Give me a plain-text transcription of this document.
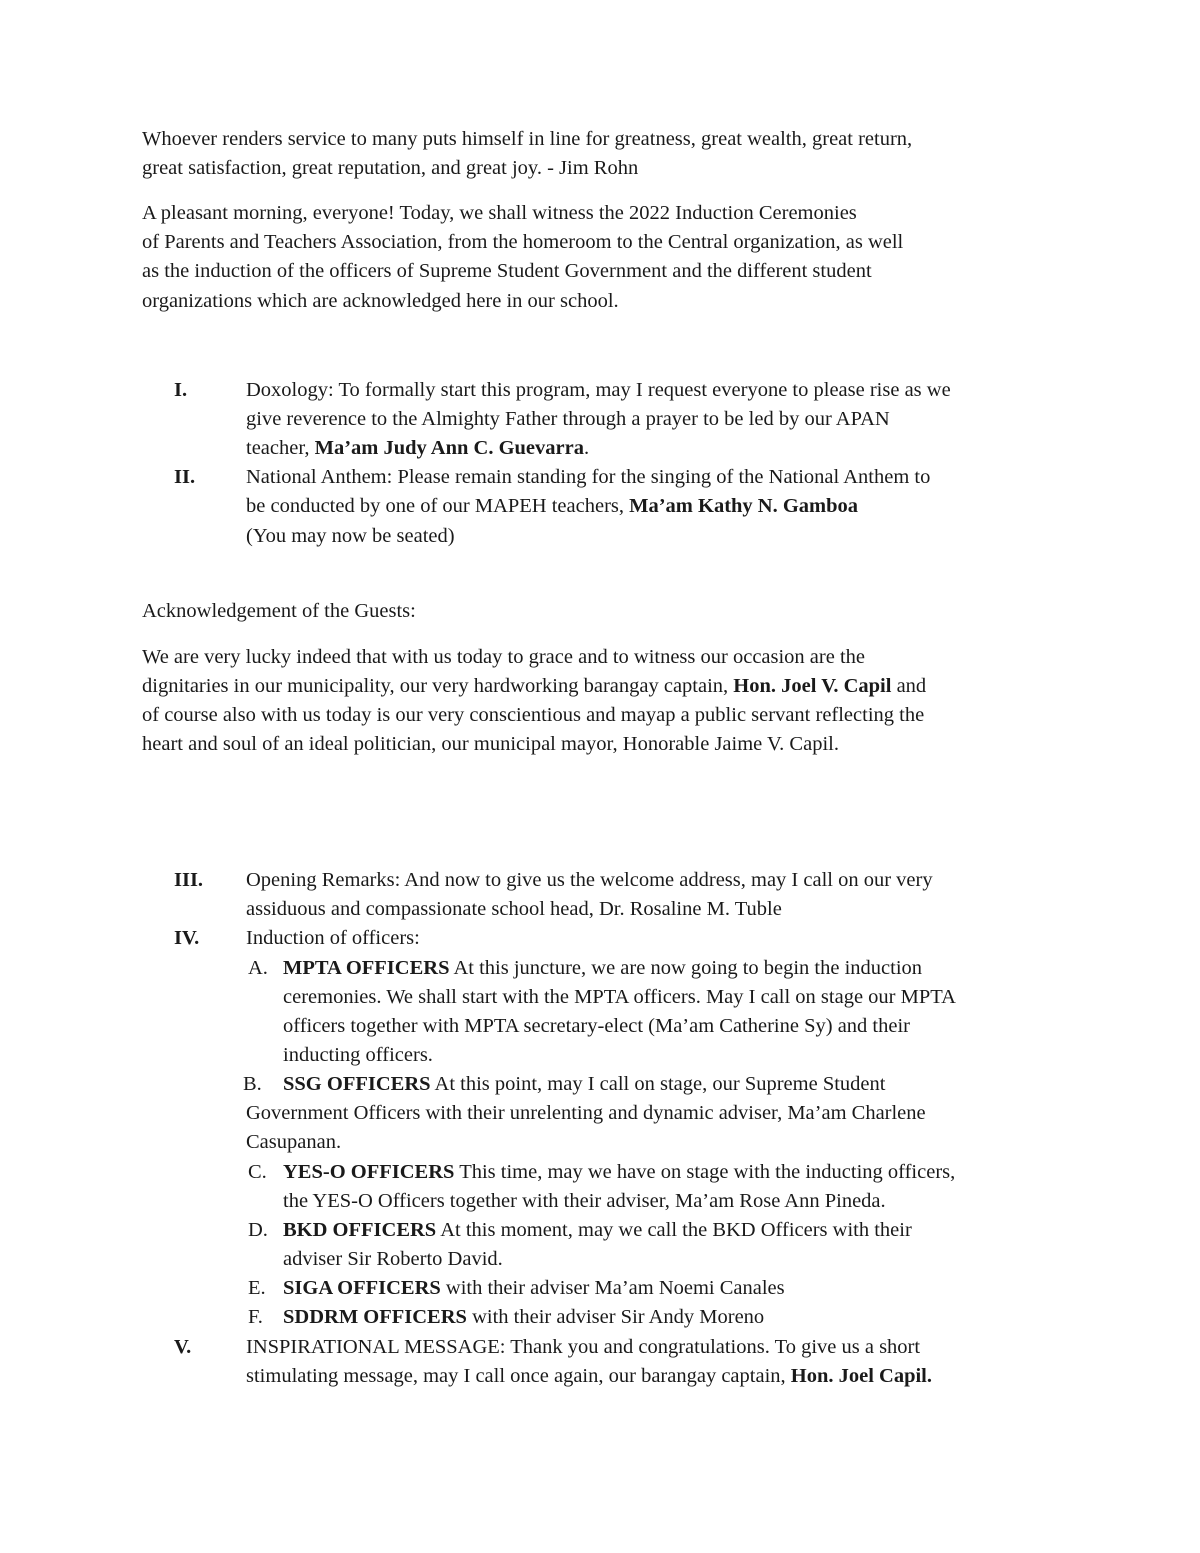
Whoever renders service to many puts himself in line for greatness, great wealth, great return,
great satisfaction, great reputation, and great joy. - Jim Rohn
A pleasant morning, everyone! Today, we shall witness the 2022 Induction Ceremonies
of Parents and Teachers Association, from the homeroom to the Central organization, as well
as the induction of the officers of Supreme Student Government and the different student
organizations which are acknowledged here in our school.
I.	Doxology: To formally start this program, may I request everyone to please rise as we
give reverence to the Almighty Father through a prayer to be led by our APAN
teacher, Ma’am Judy Ann C. Guevarra.
II. National Anthem: Please remain standing for the singing of the National Anthem to
be conducted by one of our MAPEH teachers, Ma’am Kathy N. Gamboa
(You may now be seated)
Acknowledgement of the Guests:
We are very lucky indeed that with us today to grace and to witness our occasion are the
dignitaries in our municipality, our very hardworking barangay captain, Hon. Joel V. Capil and
of course also with us today is our very conscientious and mayap a public servant reflecting the
heart and soul of an ideal politician, our municipal mayor, Honorable Jaime V. Capil.
III. Opening Remarks: And now to give us the welcome address, may I call on our very
assiduous and compassionate school head, Dr. Rosaline M. Tuble
IV. Induction of officers:
A. MPTA OFFICERS At this juncture, we are now going to begin the induction
ceremonies. We shall start with the MPTA officers. May I call on stage our MPTA
officers together with MPTA secretary-elect (Ma’am Catherine Sy) and their
inducting officers.
B. SSG OFFICERS At this point, may I call on stage, our Supreme Student
Government Officers with their unrelenting and dynamic adviser, Ma’am Charlene
Casupanan.
C. YES-O OFFICERS This time, may we have on stage with the inducting officers,
the YES-O Officers together with their adviser, Ma’am Rose Ann Pineda.
D. BKD OFFICERS At this moment, may we call the BKD Officers with their
adviser Sir Roberto David.
E. SIGA OFFICERS with their adviser Ma’am Noemi Canales
F. SDDRM OFFICERS with their adviser Sir Andy Moreno
V.	INSPIRATIONAL MESSAGE: Thank you and congratulations. To give us a short
stimulating message, may I call once again, our barangay captain, Hon. Joel Capil.
